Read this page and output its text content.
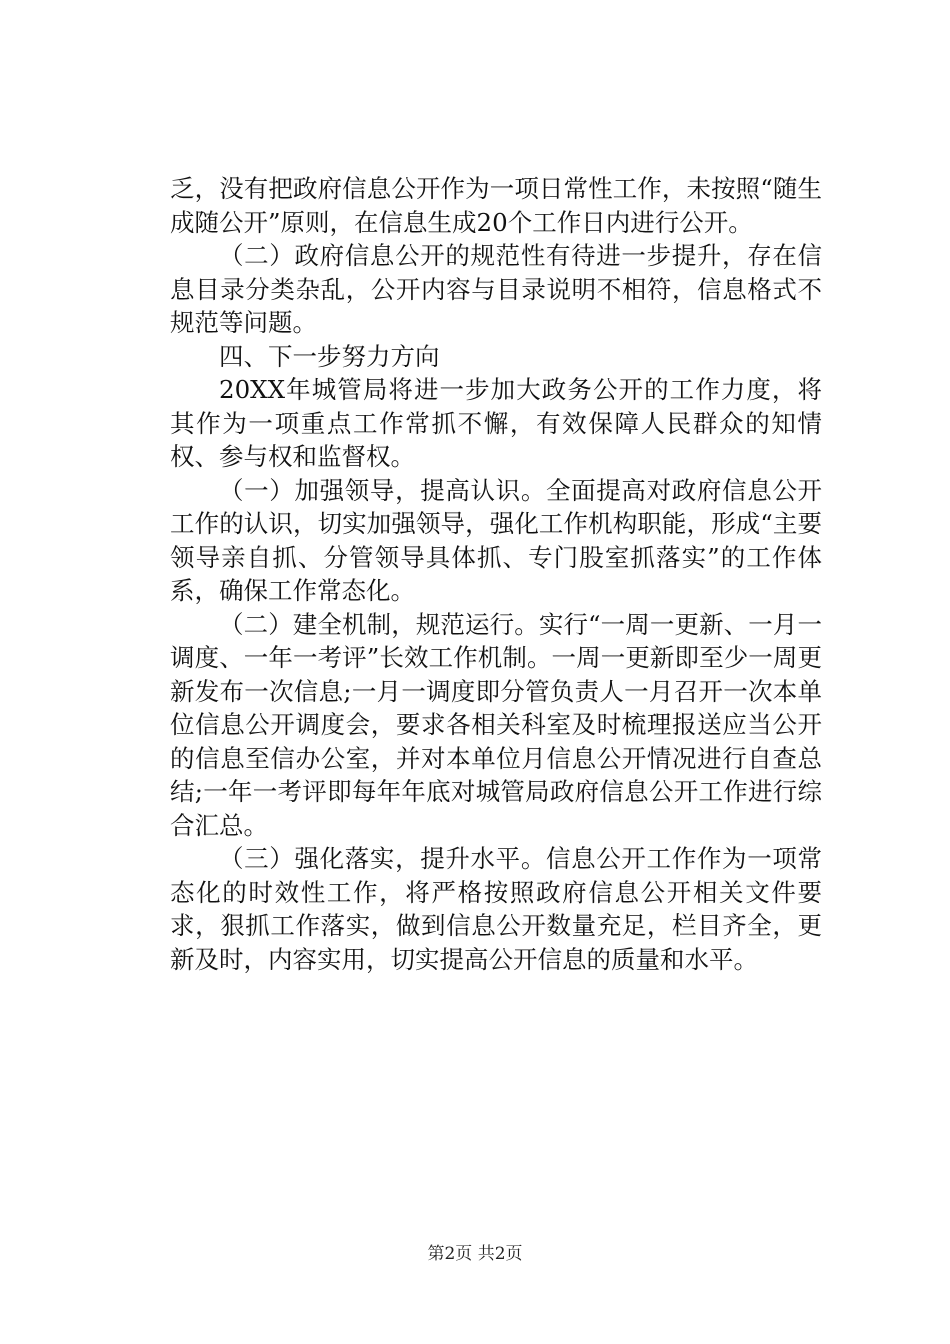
乏，没有把政府信息公开作为一项日常性工作，未按照“随生成随公开”原则，在信息生成20个工作日内进行公开。

（二）政府信息公开的规范性有待进一步提升，存在信息目录分类杂乱，公开内容与目录说明不相符，信息格式不规范等问题。

四、下一步努力方向

20XX年城管局将进一步加大政务公开的工作力度，将其作为一项重点工作常抓不懈，有效保障人民群众的知情权、参与权和监督权。

（一）加强领导，提高认识。全面提高对政府信息公开工作的认识，切实加强领导，强化工作机构职能，形成“主要领导亲自抓、分管领导具体抓、专门股室抓落实”的工作体系，确保工作常态化。

（二）建全机制，规范运行。实行“一周一更新、一月一调度、一年一考评”长效工作机制。一周一更新即至少一周更新发布一次信息;一月一调度即分管负责人一月召开一次本单位信息公开调度会，要求各相关科室及时梳理报送应当公开的信息至信办公室，并对本单位月信息公开情况进行自查总结;一年一考评即每年年底对城管局政府信息公开工作进行综合汇总。

（三）强化落实，提升水平。信息公开工作作为一项常态化的时效性工作，将严格按照政府信息公开相关文件要求，狠抓工作落实，做到信息公开数量充足，栏目齐全，更新及时，内容实用，切实提高公开信息的质量和水平。

第2页 共2页
